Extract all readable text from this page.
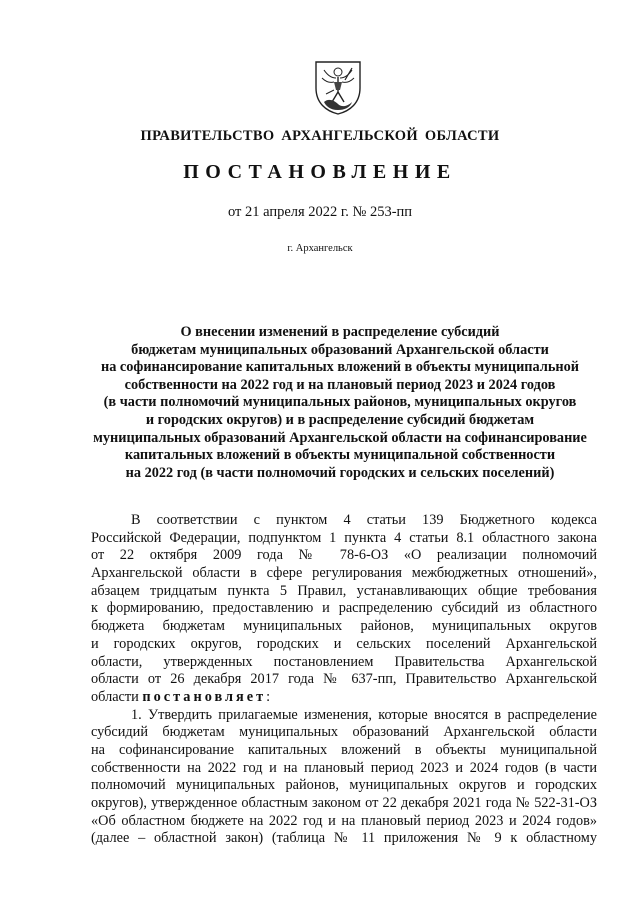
ПРАВИТЕЛЬСТВО АРХАНГЕЛЬСКОЙ ОБЛАСТИ
ПОСТАНОВЛЕНИЕ
от 21 апреля 2022 г. № 253-пп
г. Архангельск
О внесении изменений в распределение субсидий
бюджетам муниципальных образований Архангельской области
на софинансирование капитальных вложений в объекты муниципальной
собственности на 2022 год и на плановый период 2023 и 2024 годов
(в части полномочий муниципальных районов, муниципальных округов
и городских округов) и в распределение субсидий бюджетам
муниципальных образований Архангельской области на софинансирование
капитальных вложений в объекты муниципальной собственности
на 2022 год (в части полномочий городских и сельских поселений)
В соответствии с пунктом 4 статьи 139 Бюджетного кодекса
Российской Федерации, подпунктом 1 пункта 4 статьи 8.1 областного закона
от 22 октября 2009 года № 78-6-ОЗ «О реализации полномочий
Архангельской области в сфере регулирования межбюджетных отношений»,
абзацем тридцатым пункта 5 Правил, устанавливающих общие требования
к формированию, предоставлению и распределению субсидий из областного
бюджета бюджетам муниципальных районов, муниципальных округов
и городских округов, городских и сельских поселений Архангельской
области, утвержденных постановлением Правительства Архангельской
области от 26 декабря 2017 года № 637-пп, Правительство Архангельской
области постановляет:
1. Утвердить прилагаемые изменения, которые вносятся в распределение
субсидий бюджетам муниципальных образований Архангельской области
на софинансирование капитальных вложений в объекты муниципальной
собственности на 2022 год и на плановый период 2023 и 2024 годов (в части
полномочий муниципальных районов, муниципальных округов и городских
округов), утвержденное областным законом от 22 декабря 2021 года № 522-31-ОЗ
«Об областном бюджете на 2022 год и на плановый период 2023 и 2024 годов»
(далее – областной закон) (таблица № 11 приложения № 9 к областному
